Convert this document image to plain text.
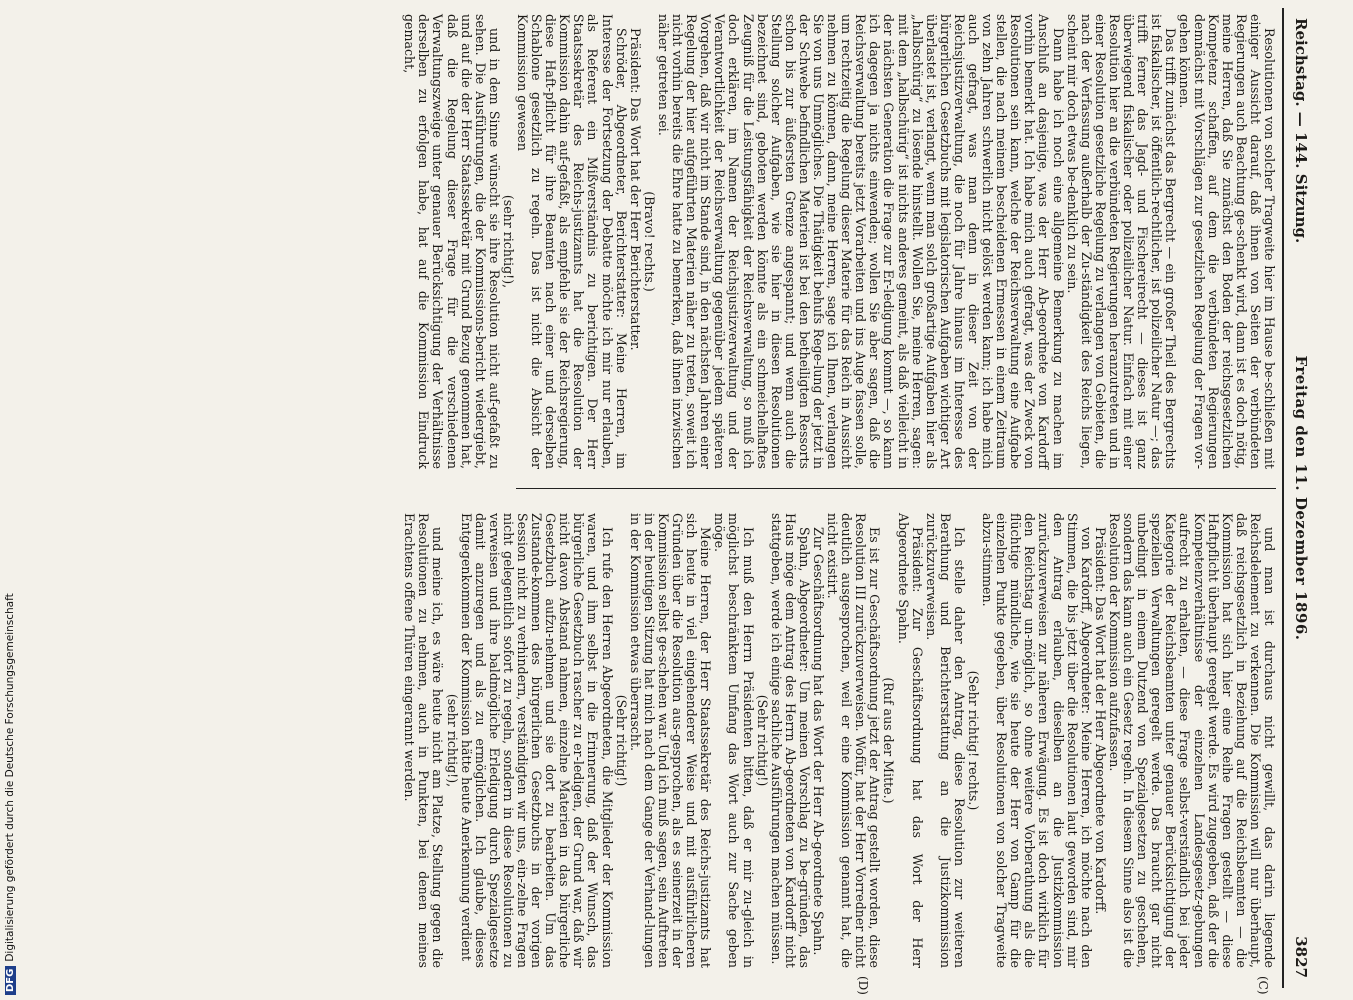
Reichstag. — 144. Sitzung.
Freitag den 11. Dezember 1896.
3827

Resolutionen von solcher Tragweite hier im Hause be-schließen mit einiger Aussicht darauf, daß ihnen von Seiten der verbündeten Regierungen auch Beachtung ge-schenkt wird, dann ist es doch nötig, meine Herren, daß Sie zunächst den Boden der reichsgesetzlichen Kompetenz schaffen, auf dem die verbündeten Regierungen demnächst mit Vorschlägen zur gesetzlichen Regelung der Fragen vor-gehen können.

Das trifft zunächst das Bergrecht — ein großer Theil des Bergrechts ist fiskalischer, ist öffentlich-rechtlicher, ist polizeilicher Natur —; das trifft ferner das Jagd- und Fischereirecht — dieses ist ganz überwiegend fiskalischer oder polizeilicher Natur. Einfach mit einer Resolution hier an die verbündeten Regierungen heranzutreten und in einer Resolution gesetzliche Regelung zu verlangen von Gebieten, die nach der Verfassung außerhalb der Zu-ständigkeit des Reichs liegen, scheint mir doch etwas be-denklich zu sein.

Dann habe ich noch eine allgemeine Bemerkung zu machen im Anschluß an dasjenige, was der Herr Ab-geordnete von Kardorff vorhin bemerkt hat. Ich habe mich auch gefragt, was der Zweck von Resolutionen sein kann, welche der Reichsverwaltung eine Aufgabe stellen, die nach meinem bescheidenen Ermessen in einem Zeitraum von zehn Jahren schwerlich nicht gelöst werden kann; ich habe mich auch gefragt, was man denn in dieser Zeit von der Reichsjustizverwaltung, die noch für Jahre hinaus im Interesse des bürgerlichen Gesetzbuchs mit legislatorischen Aufgaben wichtiger Art überlastet ist, verlangt, wenn man solch großartige Aufgaben hier als „halbschürig“ zu lösende hinstellt. Wollen Sie, meine Herren, sagen: mit dem „halbschürig“ ist nichts anderes gemeint, als daß vielleicht in der nächsten Generation die Frage zur Er-ledigung kommt —, so kann ich dagegen ja nichts einwenden; wollen Sie aber sagen, daß die Reichsverwaltung bereits jetzt Vorarbeiten und ins Auge fassen solle, um rechtzeitig die Regelung dieser Materie für das Reich in Aussicht nehmen zu können, dann, meine Herren, sage ich Ihnen, verlangen Sie von uns Unmögliches. Die Thätigkeit behufs Rege-lung der jetzt in der Schwebe befindlichen Materien ist bei den betheiligten Ressorts schon bis zur äußersten Grenze angespannt; und wenn auch die Stellung solcher Aufgaben, wie sie hier in diesen Resolutionen bezeichnet sind, geboten werden könnte als ein schmeichelhaftes Zeugniß für die Leistungsfähigkeit der Reichsverwaltung, so muß ich doch erklären, im Namen der Reichsjustizverwaltung und der Verantwortlichkeit der Reichsverwaltung gegenüber jedem späteren Vorgehen, daß wir nicht im Stande sind, in den nächsten Jahren einer Regelung der hier aufgeführten Materien näher zu treten, soweit ich nicht vorhin bereits die Ehre hatte zu bemerken, daß ihnen inzwischen näher getreten sei.

(Bravo! rechts.)

Präsident: Das Wort hat der Herr Berichterstatter.

Schröder, Abgeordneter, Berichterstatter: Meine Herren, im Interesse der Fortsetzung der Debatte möchte ich mir nur erlauben, als Referent ein Mißverständnis zu berichtigen. Der Herr Staatssekretär des Reichs-justizamts hat die Resolution der Kommission dahin auf-gefaßt, als empfehle sie der Reichsregierung, diese Haft-pflicht für ihre Beamten nach einer und derselben Schablone gesetzlich zu regeln. Das ist nicht die Absicht der Kommission gewesen

(sehr richtig!),

und in dem Sinne wünscht sie ihre Resolution nicht auf-gefaßt zu sehen. Die Ausführungen, die der Kommissions-bericht wiedergiebt, und auf die der Herr Staatssekretär mit Grund Bezug genommen hat, daß die Regelung dieser Frage für die verschiedenen Verwaltungszweige unter genauer Berücksichtigung der Verhältnisse derselben zu erfolgen habe, hat auf die Kommission Eindruck gemacht,

und man ist durchaus nicht gewillt, das darin liegende Reichsdelement zu verkennen. Die Kommission will nur überhaupt, daß reichsgesetzlich in Beziehung auf die Reichsbeamten — die Kommission hat sich hier eine Reihe Fragen gestellt — diese Haftpflicht überhaupt geregelt werde. Es wird zugegeben, daß der die Kompetenzverhältnisse der einzelnen Landesgesetz-gebungen aufrecht zu erhalten, — diese Frage selbst-verständlich bei jeder Kategorie der Reichsbeamten unter genauer Berücksichtigung der speziellen Verwaltungen geregelt werde. Das braucht gar nicht unbedingt in einem Dutzend von Spezialgesetzen zu geschehen, sondern das kann auch ein Gesetz regeln. In diesem Sinne also ist die Resolution der Kommission aufzufassen.

Präsident: Das Wort hat der Herr Abgeordnete von Kardorff.

von Kardorff, Abgeordneter: Meine Herren, ich möchte nach den Stimmen, die bis jetzt über die Resolutionen laut geworden sind, mir den Antrag erlauben, dieselben an die Justizkommission zurückzuverweisen zur näheren Erwägung. Es ist doch wirklich für den Reichstag un-möglich, so ohne weitere Vorberathung als die flüchtige mündliche, wie sie heute der Herr von Gamp für die einzelnen Punkte gegeben, über Resolutionen von solcher Tragweite abzu-stimmen.

(Sehr richtig! rechts.)

Ich stelle daher den Antrag, diese Resolution zur weiteren Berathung und Berichterstattung an die Justizkommission zurückzuverweisen.

Präsident: Zur Geschäftsordnung hat das Wort der Herr Abgeordnete Spahn.

(Ruf aus der Mitte.)

Es ist zur Geschäftsordnung jetzt der Antrag gestellt worden, diese Resolution III zurückzuverweisen. Wofür, hat der Herr Vorredner nicht deutlich ausgesprochen, weil er eine Kommission genannt hat, die nicht existirt.

Zur Geschäftsordnung hat das Wort der Herr Ab-geordnete Spahn.

Spahn, Abgeordneter: Um meinen Vorschlag zu be-gründen, das Haus möge dem Antrag des Herrn Ab-geordneten von Kardorff nicht stattgeben, werde ich einige sachliche Ausführungen machen müssen.

(Sehr richtig!)

Ich muß den Herrn Präsidenten bitten, daß er mir zu-gleich in möglichst beschränktem Umfang das Wort auch zur Sache geben möge.

Meine Herren, der Herr Staatssekretär des Reichs-justizamts hat sich heute in viel eingehenderer Weise und mit ausführlicheren Gründen über die Resolution aus-gesprochen, als es seinerzeit in der Kommission selbst ge-schehen war. Und ich muß sagen, sein Auftreten in der heutigen Sitzung hat mich nach dem Gange der Verhand-lungen in der Kommission etwas überrascht.

(Sehr richtig!)

Ich rufe den Herren Abgeordneten, die Mitglieder der Kommission waren, und ihm selbst in die Erinnerung, daß der Wunsch, das bürgerliche Gesetzbuch rascher zu er-ledigen, der Grund war, daß wir nicht davon Abstand nahmen, einzelne Materien in das bürgerliche Gesetzbuch aufzu-nehmen und sie dort zu bearbeiten. Um das Zustande-kommen des bürgerlichen Gesetzbuchs in der vorigen Session nicht zu verhindern, verständigten wir uns, ein-zelne Fragen nicht gelegentlich sofort zu regeln, sondern in diese Resolutionen zu verweisen und ihre baldmögliche Erledigung durch Spezialgesetze damit anzuregen und als zu ermöglichen. Ich glaube, dieses Entgegenkommen der Kommission hätte heute Anerkennung verdient

(sehr richtig!),

und meine ich, es wäre heute nicht am Platze, Stellung gegen die Resolutionen zu nehmen, auch in Punkten, bei denen meines Erachtens offene Thüren eingerannt werden.

(C)
(D)
DFGDigitalisierung gefördert durch die Deutsche Forschungsgemeinschaft
